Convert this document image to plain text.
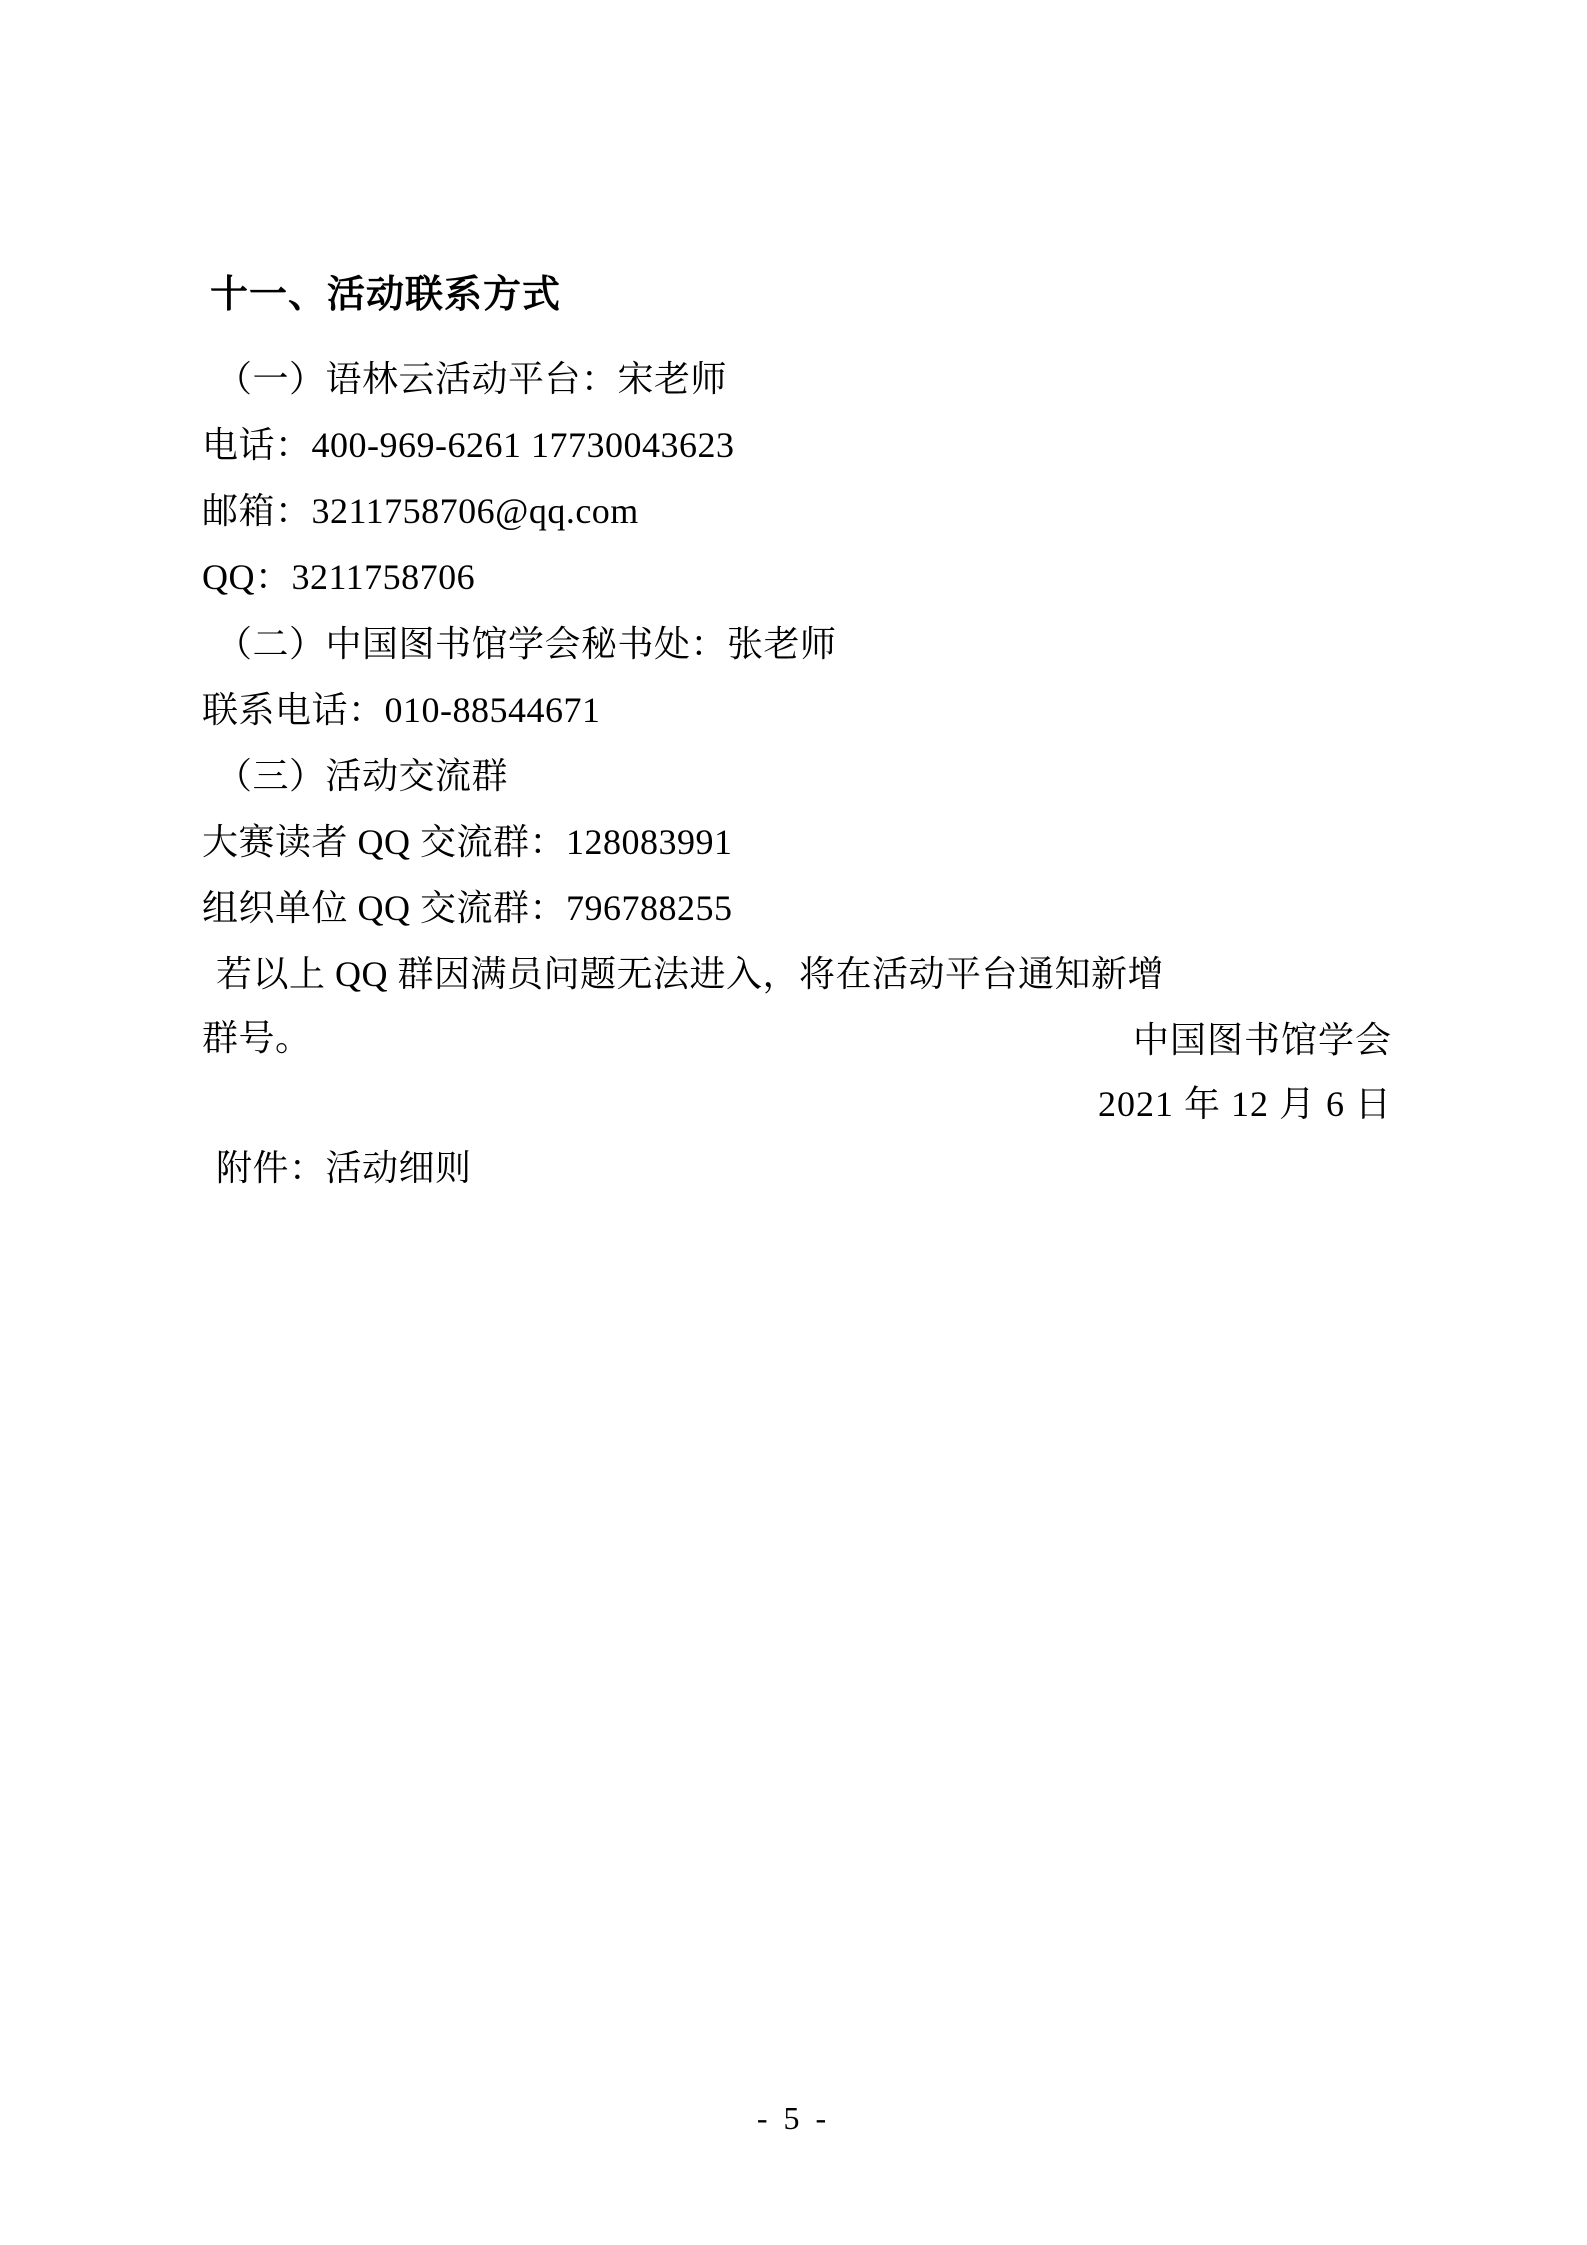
十一、活动联系方式

（一）语林云活动平台：宋老师

电话：400-969-6261 17730043623

邮箱：3211758706@qq.com

QQ：3211758706

（二）中国图书馆学会秘书处：张老师

联系电话：010-88544671

（三）活动交流群

大赛读者 QQ 交流群：128083991

组织单位 QQ 交流群：796788255

若以上 QQ 群因满员问题无法进入，将在活动平台通知新增
群号。

附件：活动细则

中国图书馆学会
2021 年 12 月 6 日
- 5 -
